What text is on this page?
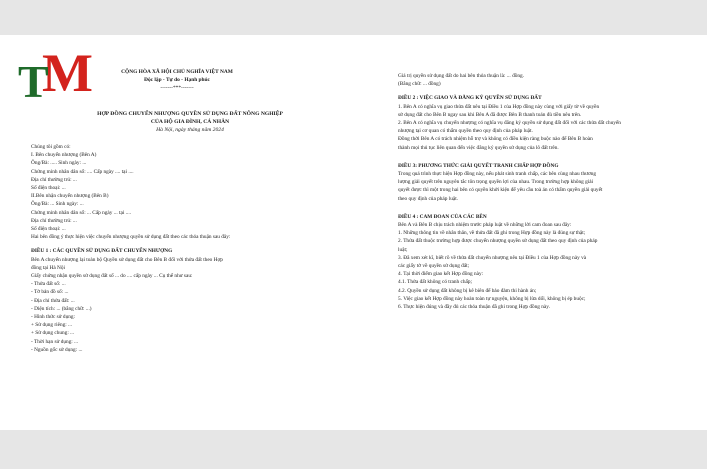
M
T	CỘNG HÒA XÃ HỘI CHỦ NGHĨA VIỆT NAM
Độc lập - Tự do - Hạnh phúc
-------***-------
HỢP ĐỒNG CHUYỂN NHƯỢNG QUYỀN SỬ DỤNG ĐẤT NÔNG NGHIỆP
CỦA HỘ GIA ĐÌNH, CÁ NHÂN
Hà Nội, ngày tháng năm 2024
Chúng tôi gồm có:
I. Bên chuyển nhượng (Bên A)
Ông/Bà: ..... Sinh ngày: ...
Chứng minh nhân dân số: .... Cấp ngày .... tại ....
Địa chỉ thường trú: ...
Số điện thoại: ...
II.Bên nhận chuyển nhượng (Bên B)
Ông/Bà: ... Sinh ngày: ...
Chứng minh nhân dân số: ... Cấp ngày ... tại ....
Địa chỉ thường trú: ...
Số điện thoại: ...
Hai bên đồng ý thực hiện việc chuyển nhượng quyền sử dụng đất theo các thỏa thuận sau đây:
ĐIỀU 1 : CÁC QUYỀN SỬ DỤNG ĐẤT CHUYỂN NHƯỢNG
Bên A chuyển nhượng lại toàn bộ Quyền sử dụng đất cho Bên B đối với thửa đất theo Hợp
đồng tại Hà Nội
Giấy chứng nhận quyền sử dụng đất số ... do .... cấp ngày ... Cụ thể như sau:
- Thửa đất số: ...
- Tờ bản đồ số: ...
- Địa chỉ thửa đất: ...
- Diện tích: ... (bằng chữ: ...)
- Hình thức sử dụng:
+ Sử dụng riêng: ...
+ Sử dụng chung: ...
- Thời hạn sử dụng: ...
- Nguồn gốc sử dụng: ...
Giá trị quyền sử dụng đất do hai bên thỏa thuận là: ... đồng.
(Bằng chữ: ... đồng)
ĐIỀU 2 : VIỆC GIAO VÀ ĐĂNG KÝ QUYỀN SỬ DỤNG ĐẤT
1. Bên A có nghĩa vụ giao thửa đất nêu tại Điều 1 của Hợp đồng này cùng với giấy tờ về quyền
sử dụng đất cho Bên B ngay sau khi Bên A đã được Bên B thanh toán đủ tiền nêu trên.
2. Bên A có nghĩa vụ chuyển nhượng có nghĩa vụ đăng ký quyền sử dụng đất đối với các thửa đất chuyển
nhượng tại cơ quan có thẩm quyền theo quy định của pháp luật.
Đồng thời Bên A có trách nhiệm hỗ trợ và không có điều kiện ràng buộc nào để Bên B hoàn
thành mọi thủ tục liên quan đến việc đăng ký quyền sử dụng của lô đất trên.
ĐIỀU 3: PHƯƠNG THỨC GIẢI QUYẾT TRANH CHẤP HỢP ĐỒNG
Trong quá trình thực hiện Hợp đồng này, nếu phát sinh tranh chấp, các bên cùng nhau thương
lượng giải quyết trên nguyên tắc tôn trọng quyền lợi của nhau. Trong trường hợp không giải
quyết được thì một trong hai bên có quyền khởi kiện để yêu cầu toà án có thẩm quyền giải quyết
theo quy định của pháp luật.
ĐIỀU 4 : CAM ĐOAN CỦA CÁC BÊN
Bên A và Bên B chịu trách nhiệm trước pháp luật về những lời cam đoan sau đây:
1. Những thông tin về nhân thân, về thửa đất đã ghi trong Hợp đồng này là đúng sự thật;
2. Thửa đất thuộc trường hợp được chuyển nhượng quyền sử dụng đất theo quy định của pháp
luật;
3. Đã xem xét kĩ, biết rõ về thửa đất chuyển nhượng nêu tại Điều 1 của Hợp đồng này và
các giấy tờ về quyền sử dụng đất;
4. Tại thời điểm giao kết Hợp đồng này:
4.1. Thửa đất không có tranh chấp;
4.2. Quyền sử dụng đất không bị kê biên để bảo đảm thi hành án;
5. Việc giao kết Hợp đồng này hoàn toàn tự nguyện, không bị lừa dối, không bị ép buộc;
6. Thực hiện đúng và đầy đủ các thỏa thuận đã ghi trong Hợp đồng này.
